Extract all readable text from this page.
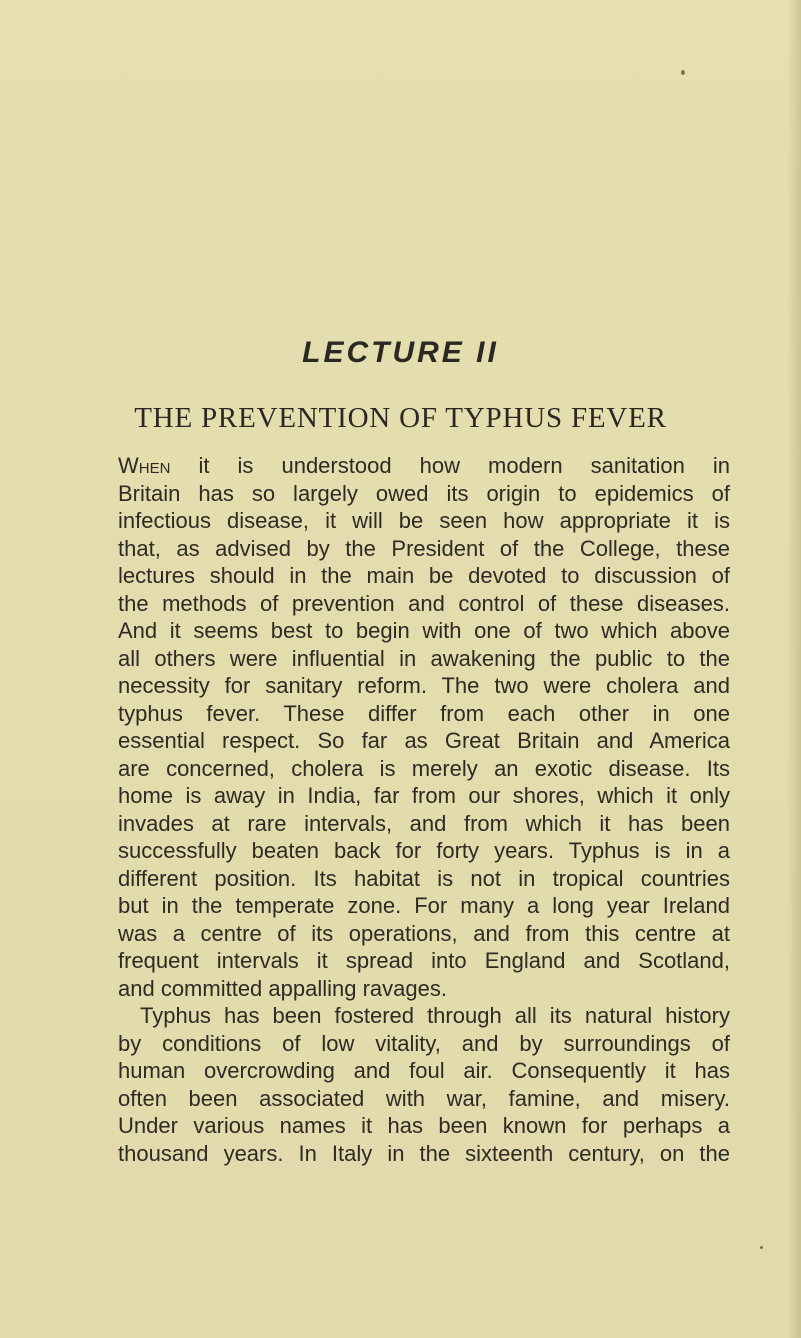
LECTURE II
THE PREVENTION OF TYPHUS FEVER
When it is understood how modern sanitation in
Britain has so largely owed its origin to epidemics of
infectious disease, it will be seen how appropriate it is
that, as advised by the President of the College, these
lectures should in the main be devoted to discussion of
the methods of prevention and control of these diseases.
And it seems best to begin with one of two which above
all others were influential in awakening the public to the
necessity for sanitary reform. The two were cholera and
typhus fever. These differ from each other in one
essential respect. So far as Great Britain and America
are concerned, cholera is merely an exotic disease. Its
home is away in India, far from our shores, which it only
invades at rare intervals, and from which it has been
successfully beaten back for forty years. Typhus is in a
different position. Its habitat is not in tropical countries
but in the temperate zone. For many a long year Ireland
was a centre of its operations, and from this centre at
frequent intervals it spread into England and Scotland,
and committed appalling ravages.
Typhus has been fostered through all its natural history
by conditions of low vitality, and by surroundings of
human overcrowding and foul air. Consequently it has
often been associated with war, famine, and misery.
Under various names it has been known for perhaps a
thousand years. In Italy in the sixteenth century, on the
